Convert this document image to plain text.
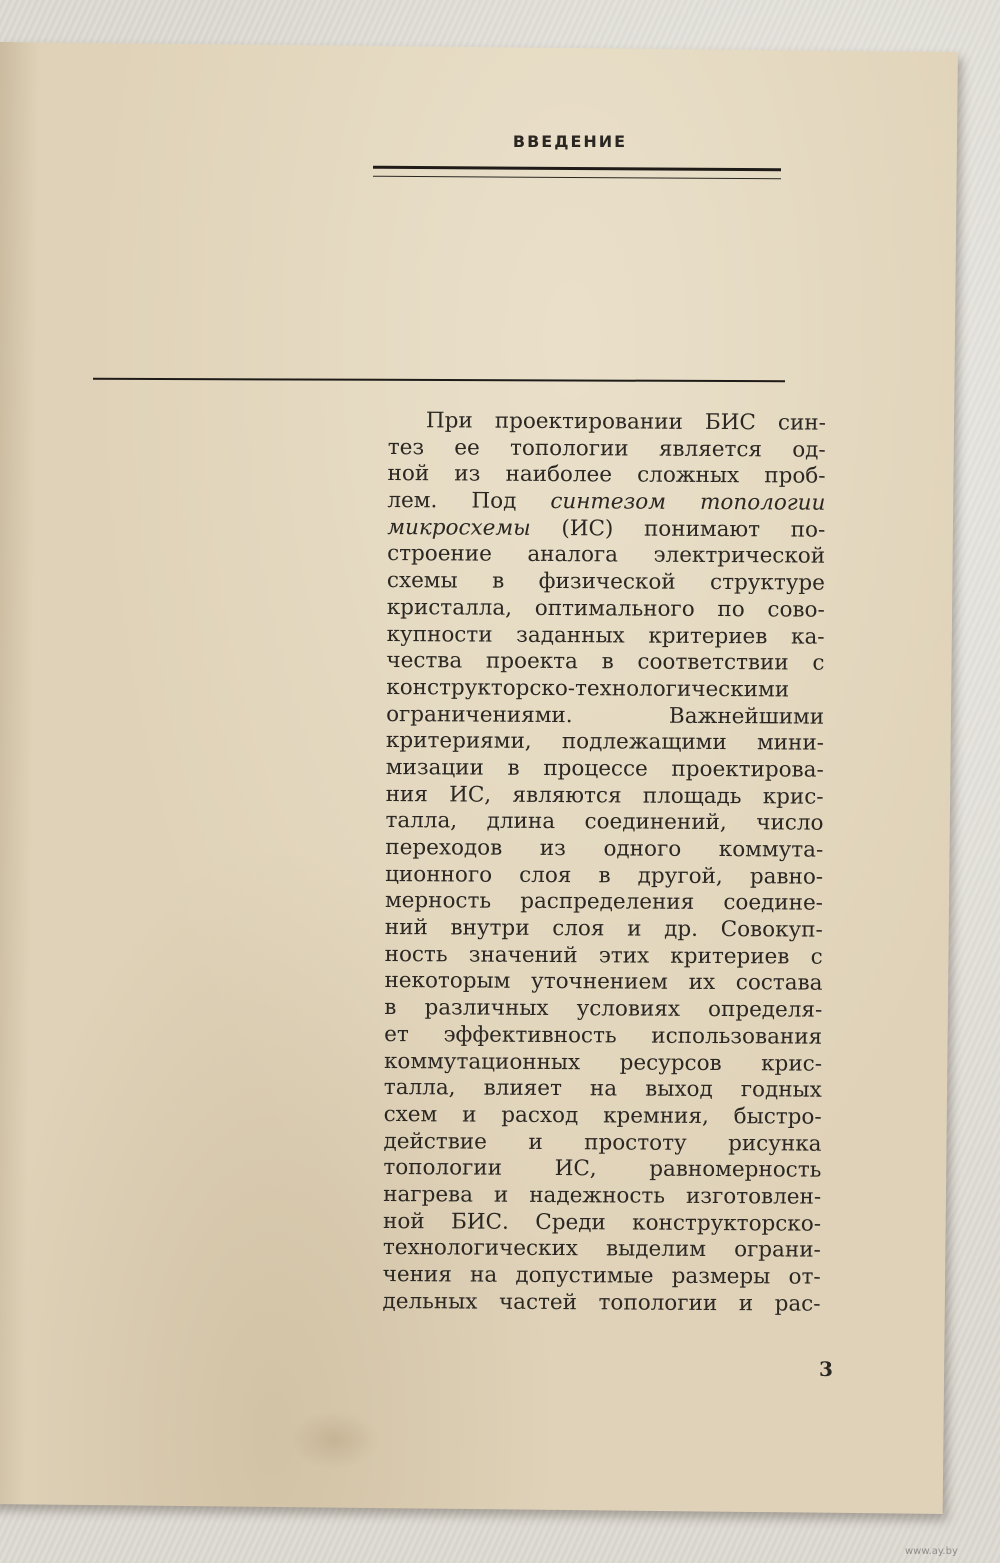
ВВЕДЕНИЕ
При проектировании БИС син-
тез ее топологии является од-
ной из наиболее сложных проб-
лем. Под синтезом топологии
микросхемы (ИС) понимают по-
строение аналога электрической
схемы в физической структуре
кристалла, оптимального по сово-
купности заданных критериев ка-
чества проекта в соответствии с
конструкторско-технологическими
ограничениями.	Важнейшими
критериями, подлежащими мини-
мизации в процессе проектирова-
ния ИС, являются площадь крис-
талла, длина соединений, число
переходов из одного коммута-
ционного слоя в другой, равно-
мерность распределения соедине-
ний внутри слоя и др. Совокуп-
ность значений этих критериев с
некоторым уточнением их состава
в различных условиях определя-
ет эффективность использования
коммутационных ресурсов крис-
талла, влияет на выход годных
схем и расход кремния, быстро-
действие и простоту рисунка
топологии ИС, равномерность
нагрева и надежность изготовлен-
ной БИС. Среди конструкторско-
технологических выделим ограни-
чения на допустимые размеры от-
дельных частей топологии и рас-
3
www.ay.by
